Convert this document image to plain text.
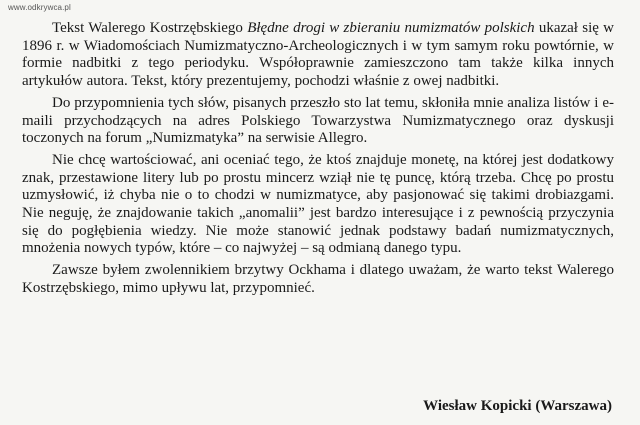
www.odkrywca.pl

Tekst Walerego Kostrzębskiego Błędne drogi w zbieraniu numizmatów polskich ukazał się w 1896 r. w Wiadomościach Numizmatyczno-Archeologicznych i w tym samym roku powtórnie, w formie nadbitki z tego periodyku. Współoprawnie zamieszczono tam także kilka innych artykułów autora. Tekst, który prezentujemy, pochodzi właśnie z owej nadbitki.

Do przypomnienia tych słów, pisanych przeszło sto lat temu, skłoniła mnie analiza listów i e-maili przychodzących na adres Polskiego Towarzystwa Numizmatycznego oraz dyskusji toczonych na forum „Numizmatyka” na serwisie Allegro.

Nie chcę wartościować, ani oceniać tego, że ktoś znajduje monetę, na której jest dodatkowy znak, przestawione litery lub po prostu mincerz wziął nie tę puncę, którą trzeba. Chcę po prostu uzmysłowić, iż chyba nie o to chodzi w numizmatyce, aby pasjonować się takimi drobiazgami. Nie neguję, że znajdowanie takich „anomalii” jest bardzo interesujące i z pewnością przyczynia się do pogłębienia wiedzy. Nie może stanowić jednak podstawy badań numizmatycznych, mnożenia nowych typów, które – co najwyżej – są odmianą danego typu.

Zawsze byłem zwolennikiem brzytwy Ockhama i dlatego uważam, że warto tekst Walerego Kostrzębskiego, mimo upływu lat, przypomnieć.

Wiesław Kopicki (Warszawa)
